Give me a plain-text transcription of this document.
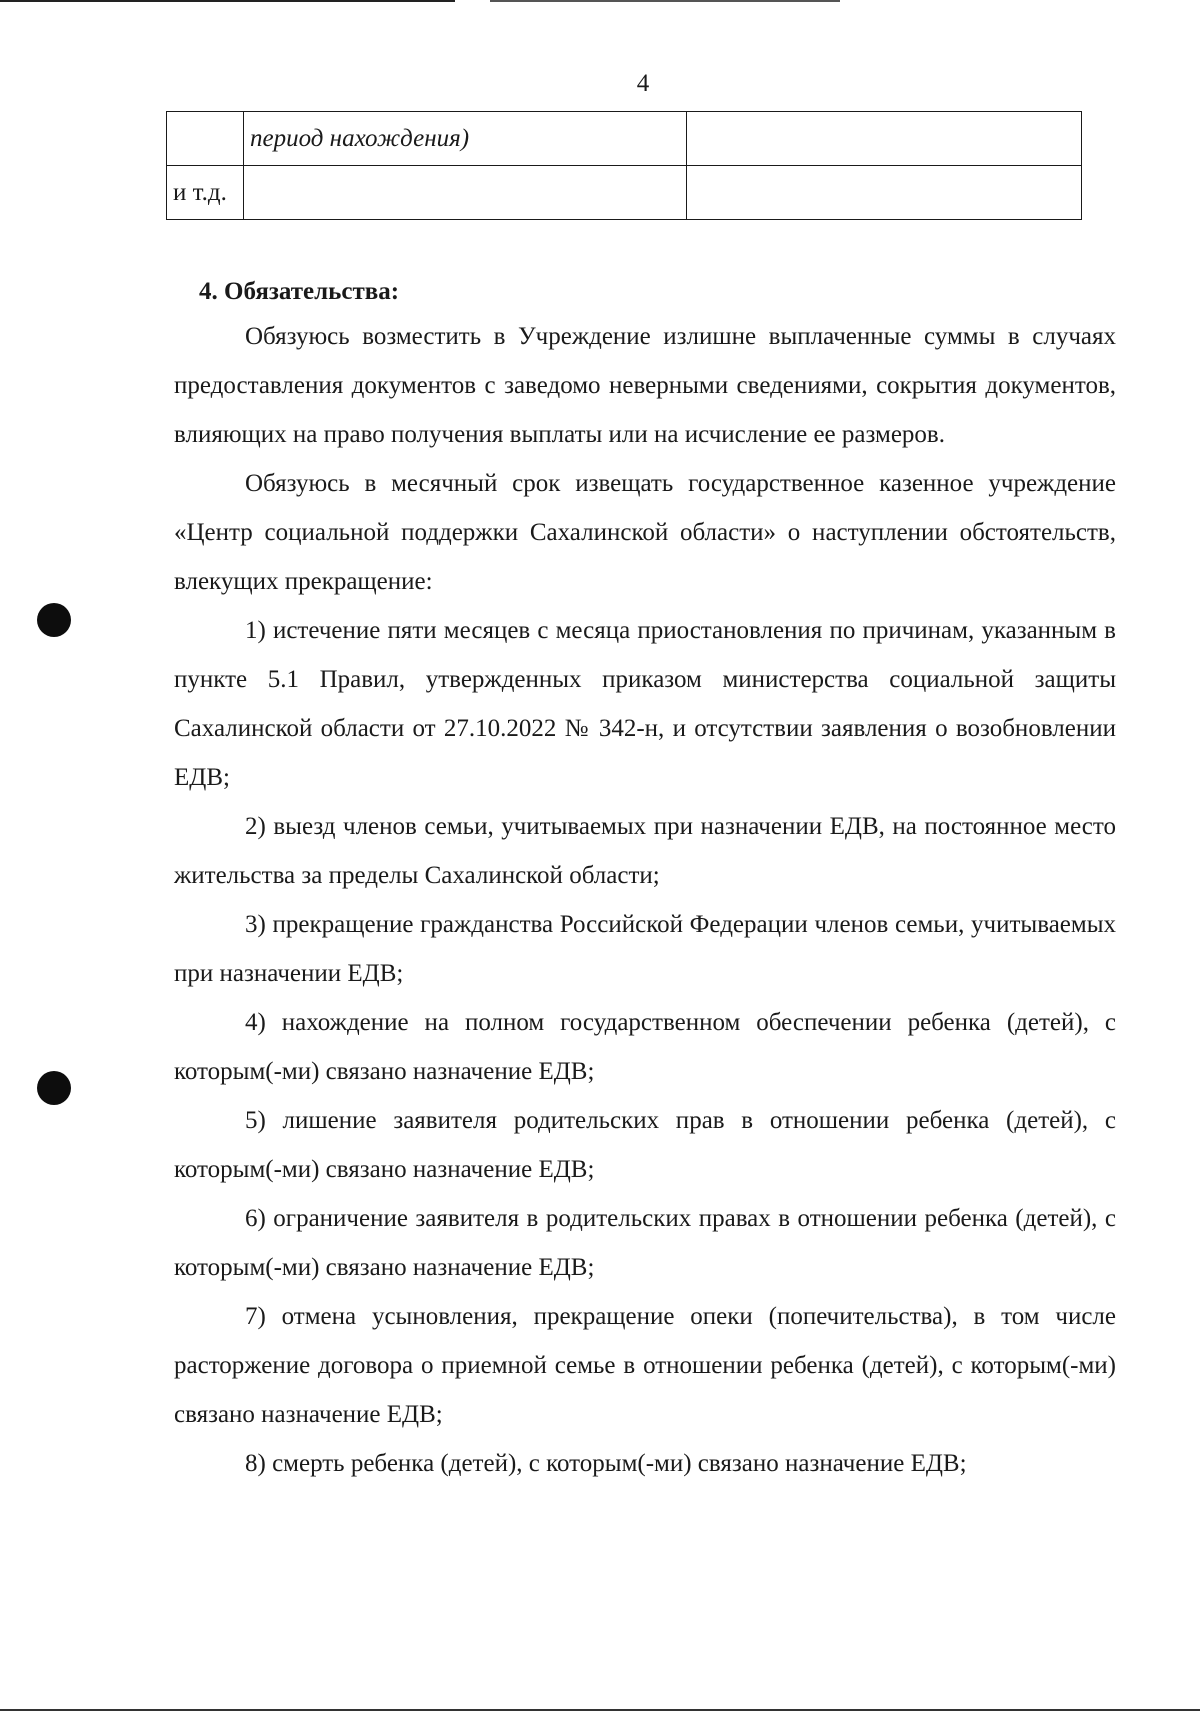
4
	период нахождения)	
и т.д.		

4. Обязательства:

Обязуюсь возместить в Учреждение излишне выплаченные суммы в случаях предоставления документов с заведомо неверными сведениями, сокрытия документов, влияющих на право получения выплаты или на исчисление ее размеров.

Обязуюсь в месячный срок извещать государственное казенное учреждение «Центр социальной поддержки Сахалинской области» о наступлении обстоятельств, влекущих прекращение:

1) истечение пяти месяцев с месяца приостановления по причинам, указанным в пункте 5.1 Правил, утвержденных приказом министерства социальной защиты Сахалинской области от 27.10.2022 № 342-н, и отсутствии заявления о возобновлении ЕДВ;

2) выезд членов семьи, учитываемых при назначении ЕДВ, на постоянное место жительства за пределы Сахалинской области;

3) прекращение гражданства Российской Федерации членов семьи, учитываемых при назначении ЕДВ;

4) нахождение на полном государственном обеспечении ребенка (детей), с которым(-ми) связано назначение ЕДВ;

5) лишение заявителя родительских прав в отношении ребенка (детей), с которым(-ми) связано назначение ЕДВ;

6) ограничение заявителя в родительских правах в отношении ребенка (детей), с которым(-ми) связано назначение ЕДВ;

7) отмена усыновления, прекращение опеки (попечительства), в том числе расторжение договора о приемной семье в отношении ребенка (детей), с которым(-ми) связано назначение ЕДВ;

8) смерть ребенка (детей), с которым(-ми) связано назначение ЕДВ;
